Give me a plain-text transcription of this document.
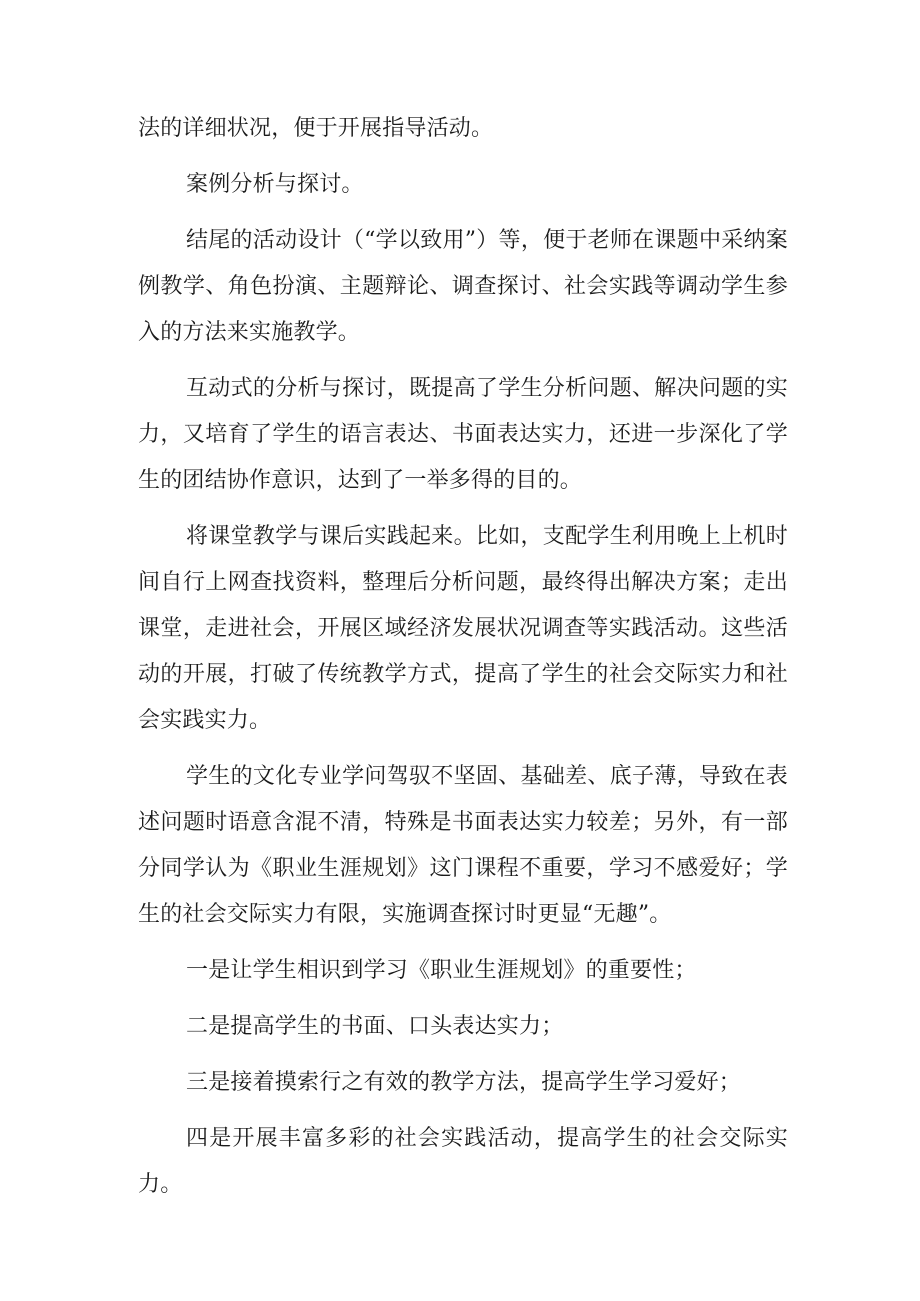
法的详细状况，便于开展指导活动。

案例分析与探讨。

结尾的活动设计（“学以致用”）等，便于老师在课题中采纳案例教学、角色扮演、主题辩论、调查探讨、社会实践等调动学生参入的方法来实施教学。

互动式的分析与探讨，既提高了学生分析问题、解决问题的实力，又培育了学生的语言表达、书面表达实力，还进一步深化了学生的团结协作意识，达到了一举多得的目的。

将课堂教学与课后实践起来。比如，支配学生利用晚上上机时间自行上网查找资料，整理后分析问题，最终得出解决方案；走出课堂，走进社会，开展区域经济发展状况调查等实践活动。这些活动的开展，打破了传统教学方式，提高了学生的社会交际实力和社会实践实力。

学生的文化专业学问驾驭不坚固、基础差、底子薄，导致在表述问题时语意含混不清，特殊是书面表达实力较差；另外，有一部分同学认为《职业生涯规划》这门课程不重要，学习不感爱好；学生的社会交际实力有限，实施调查探讨时更显“无趣”。

一是让学生相识到学习《职业生涯规划》的重要性；

二是提高学生的书面、口头表达实力；

三是接着摸索行之有效的教学方法，提高学生学习爱好；

四是开展丰富多彩的社会实践活动，提高学生的社会交际实力。
